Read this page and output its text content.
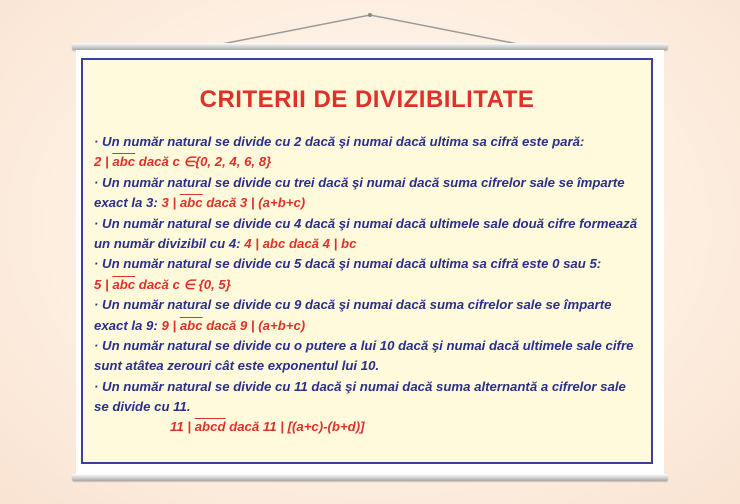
CRITERII DE DIVIZIBILITATE
· Un număr natural se divide cu 2 dacă şi numai dacă ultima sa cifră este pară:
2 | $\overline{abc}$ dacă c ∈{0, 2, 4, 6, 8}
· Un număr natural se divide cu trei dacă şi numai dacă suma cifrelor sale se împarte
exact la 3: 3 | $\overline{abc}$ dacă 3 | (a+b+c)
· Un număr natural se divide cu 4 dacă şi numai dacă ultimele sale două cifre formează
un număr divizibil cu 4: 4 | abc dacă 4 | bc
· Un număr natural se divide cu 5 dacă şi numai dacă ultima sa cifră este 0 sau 5:
5 | $\overline{abc}$ dacă c ∈ {0, 5}
· Un număr natural se divide cu 9 dacă şi numai dacă suma cifrelor sale se împarte
exact la 9: 9 | $\overline{abc}$ dacă 9 | (a+b+c)
· Un număr natural se divide cu o putere a lui 10 dacă şi numai dacă ultimele sale cifre
sunt atâtea zerouri cât este exponentul lui 10.
· Un număr natural se divide cu 11 dacă şi numai dacă suma alternantă a cifrelor sale
se divide cu 11.
11 | abcd dacă 11 | [(a+c)-(b+d)]
